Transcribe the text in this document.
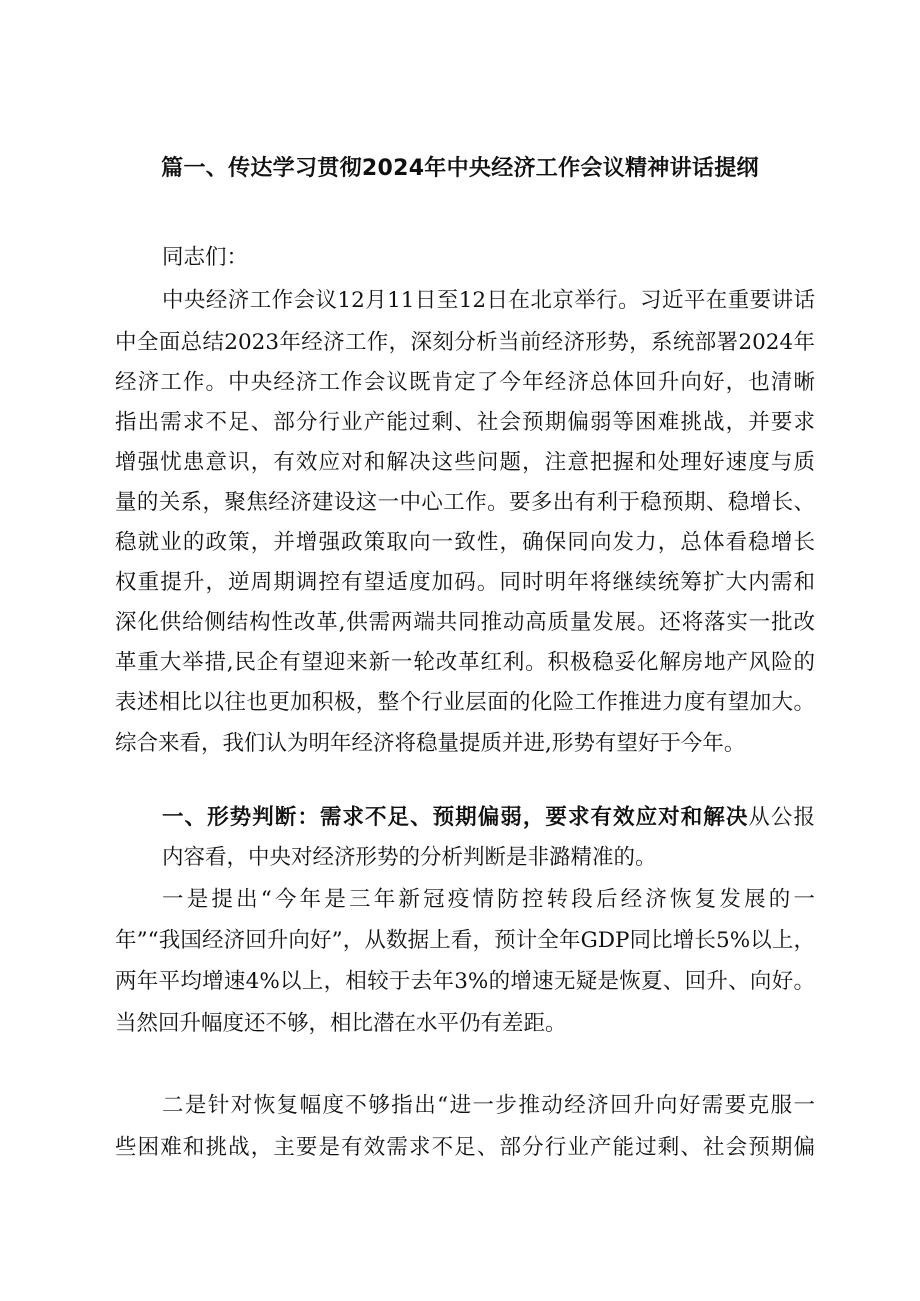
篇一、传达学习贯彻2024年中央经济工作会议精神讲话提纲
同志们：
中央经济工作会议12月11日至12日在北京举行。习近平在重要讲话
中全面总结2023年经济工作，深刻分析当前经济形势，系统部署2024年
经济工作。中央经济工作会议既肯定了今年经济总体回升向好，也清晰
指出需求不足、部分行业产能过剩、社会预期偏弱等困难挑战，并要求
增强忧患意识，有效应对和解决这些问题，注意把握和处理好速度与质
量的关系，聚焦经济建设这一中心工作。要多出有利于稳预期、稳增长、
稳就业的政策，并增强政策取向一致性，确保同向发力，总体看稳增长
权重提升，逆周期调控有望适度加码。同时明年将继续统筹扩大内需和
深化供给侧结构性改革,供需两端共同推动高质量发展。还将落实一批改
革重大举措,民企有望迎来新一轮改革红利。积极稳妥化解房地产风险的
表述相比以往也更加积极，整个行业层面的化险工作推进力度有望加大。
综合来看，我们认为明年经济将稳量提质并进,形势有望好于今年。
一、形势判断：需求不足、预期偏弱，要求有效应对和解决从公报
内容看，中央对经济形势的分析判断是非潞精准的。
一是提出“今年是三年新冠疫情防控转段后经济恢复发展的一
年”“我国经济回升向好”，从数据上看，预计全年GDP同比增长5%以上，
两年平均增速4%以上，相较于去年3%的增速无疑是恢夏、回升、向好。
当然回升幅度还不够，相比潜在水平仍有差距。
二是针对恢复幅度不够指出“进一步推动经济回升向好需要克服一
些困难和挑战，主要是有效需求不足、部分行业产能过剩、社会预期偏
